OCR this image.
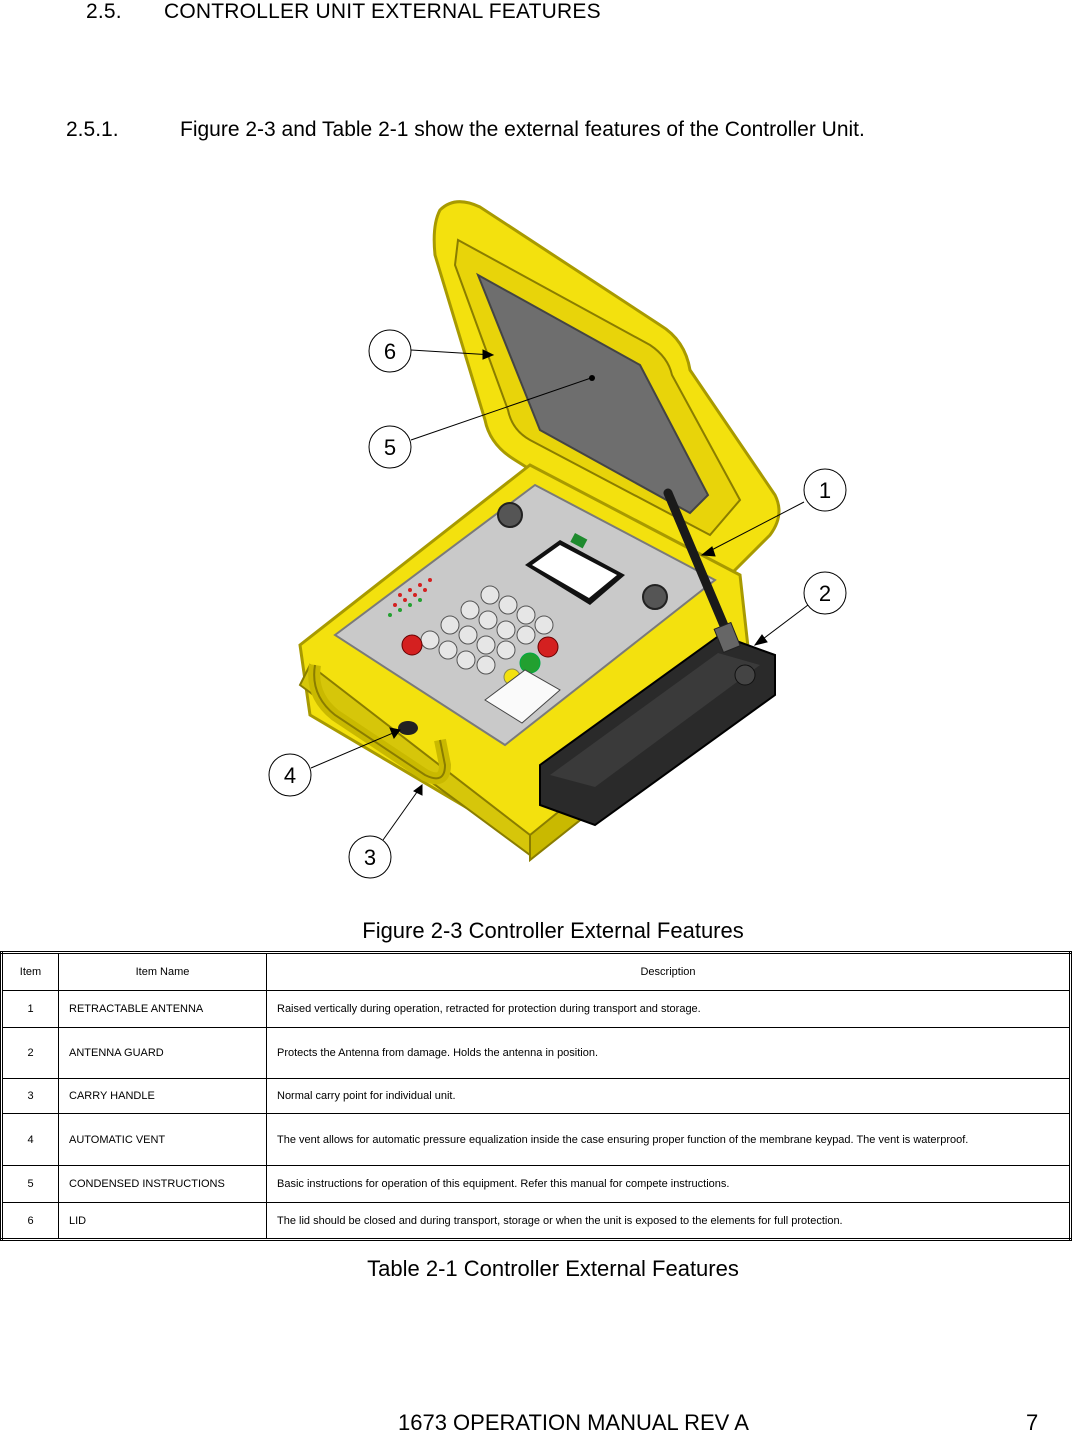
2.5. CONTROLLER UNIT EXTERNAL FEATURES
2.5.1.	Figure 2-3 and Table 2-1 show the external features of the Controller Unit.
1
2
3
4
5
6
Figure 2-3 Controller External Features
Item	Item Name	Description
1	RETRACTABLE ANTENNA	Raised vertically during operation, retracted for protection during transport and storage.
2	ANTENNA GUARD	Protects the Antenna from damage. Holds the antenna in position.
3	CARRY HANDLE	Normal carry point for individual unit.
4	AUTOMATIC VENT	The vent allows for automatic pressure equalization inside the case ensuring proper function of the membrane keypad. The vent is waterproof.
5	CONDENSED INSTRUCTIONS	Basic instructions for operation of this equipment. Refer this manual for compete instructions.
6	LID	The lid should be closed and during transport, storage or when the unit is exposed to the elements for full protection.
Table 2-1 Controller External Features
1673 OPERATION MANUAL REV A	7
